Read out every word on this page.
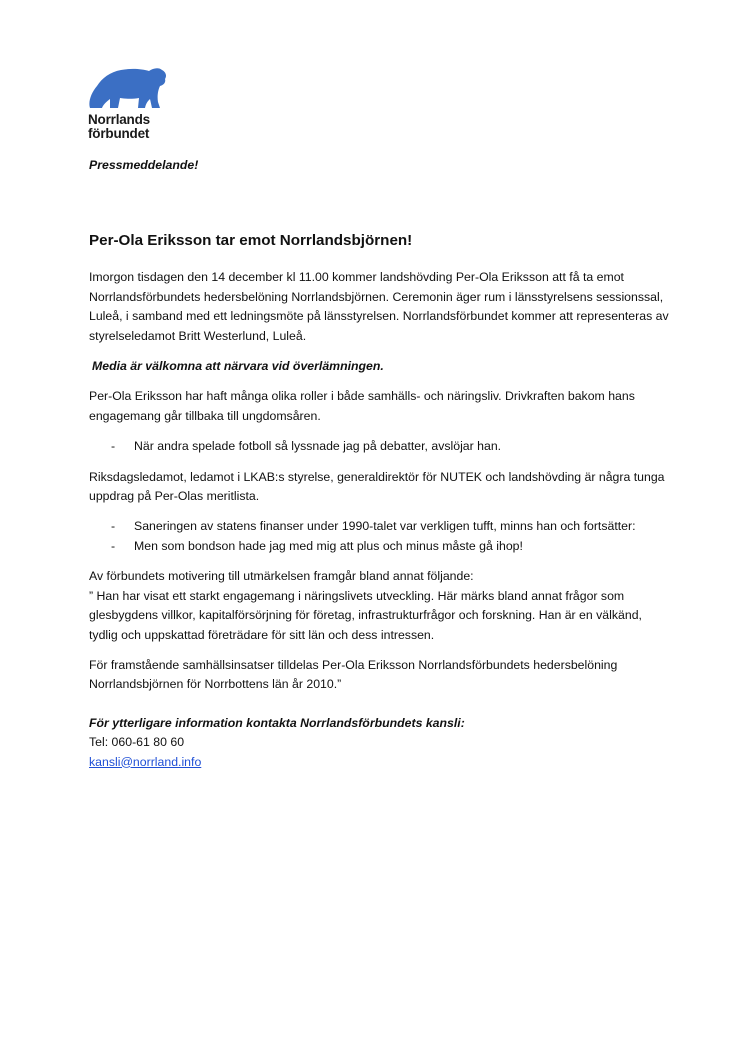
Norrlands
förbundet

Pressmeddelande!

Per-Ola Eriksson tar emot Norrlandsbjörnen!

Imorgon tisdagen den 14 december kl 11.00 kommer landshövding Per-Ola Eriksson att få ta emot Norrlandsförbundets hedersbelöning Norrlandsbjörnen. Ceremonin äger rum i länsstyrelsens sessionssal, Luleå, i samband med ett ledningsmöte på länsstyrelsen. Norrlandsförbundet kommer att representeras av styrelseledamot Britt Westerlund, Luleå.

Media är välkomna att närvara vid överlämningen.

Per-Ola Eriksson har haft många olika roller i både samhälls- och näringsliv. Drivkraften bakom hans engagemang går tillbaka till ungdomsåren.

- När andra spelade fotboll så lyssnade jag på debatter, avslöjar han.

Riksdagsledamot, ledamot i LKAB:s styrelse, generaldirektör för NUTEK och landshövding är några tunga uppdrag på Per-Olas meritlista.

- Saneringen av statens finanser under 1990-talet var verkligen tufft, minns han och fortsätter:
- Men som bondson hade jag med mig att plus och minus måste gå ihop!

Av förbundets motivering till utmärkelsen framgår bland annat följande:
” Han har visat ett starkt engagemang i näringslivets utveckling. Här märks bland annat frågor som glesbygdens villkor, kapitalförsörjning för företag, infrastrukturfrågor och forskning. Han är en välkänd, tydlig och uppskattad företrädare för sitt län och dess intressen.

För framstående samhällsinsatser tilldelas Per-Ola Eriksson Norrlandsförbundets hedersbelöning Norrlandsbjörnen för Norrbottens län år 2010.”

För ytterligare information kontakta Norrlandsförbundets kansli:

Tel: 060-61 80 60

kansli@norrland.info
